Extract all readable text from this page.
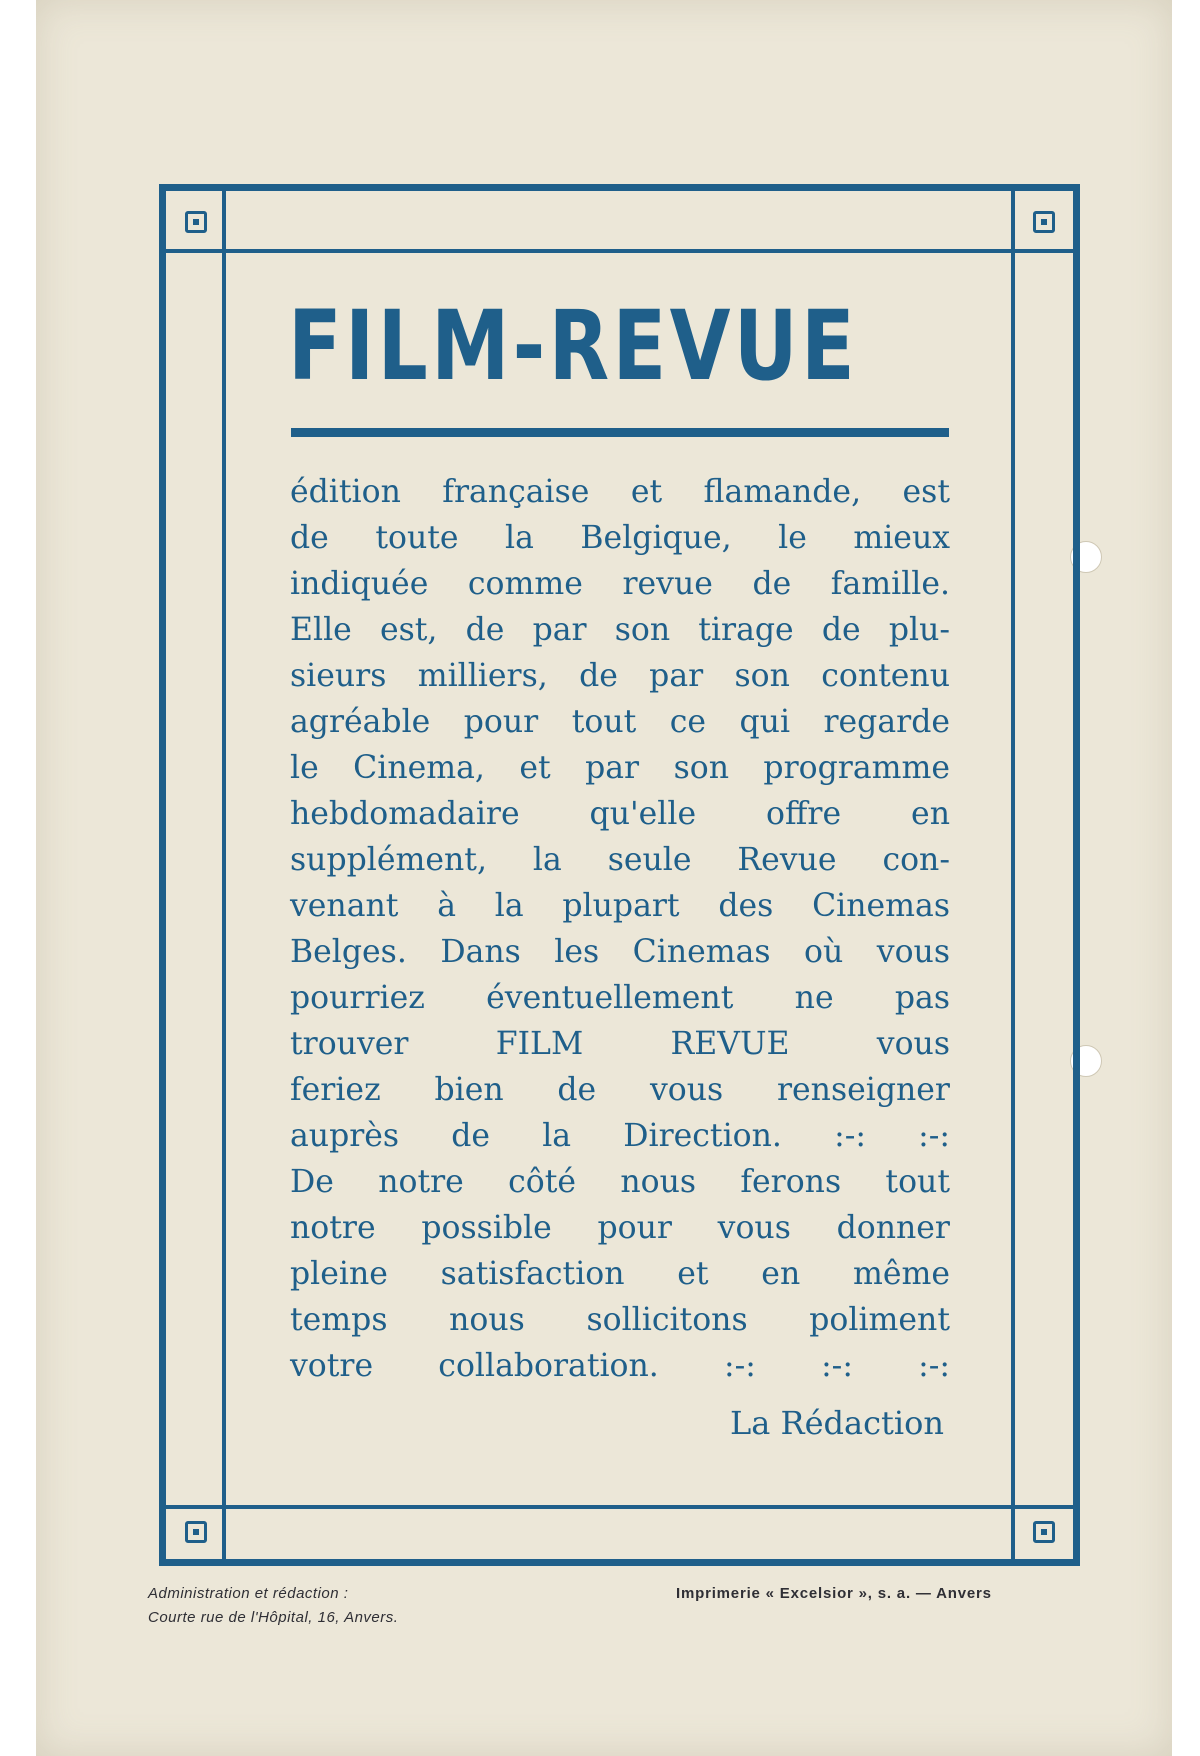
FILM-REVUE
édition française et flamande, est
de toute la Belgique, le mieux
indiquée comme revue de famille.
Elle est, de par son tirage de plu-
sieurs milliers, de par son contenu
agréable pour tout ce qui regarde
le Cinema, et par son programme
hebdomadaire qu'elle offre en
supplément, la seule Revue con-
venant à la plupart des Cinemas
Belges. Dans les Cinemas où vous
pourriez éventuellement ne pas
trouver FILM REVUE vous
feriez bien de vous renseigner
auprès de la Direction. :-: :-:
De notre côté nous ferons tout
notre possible pour vous donner
pleine satisfaction et en même
temps nous sollicitons poliment
votre collaboration. :-: :-: :-:
La Rédaction
Administration et rédaction :
Courte rue de l'Hôpital, 16, Anvers.
Imprimerie « Excelsior », s. a. — Anvers
